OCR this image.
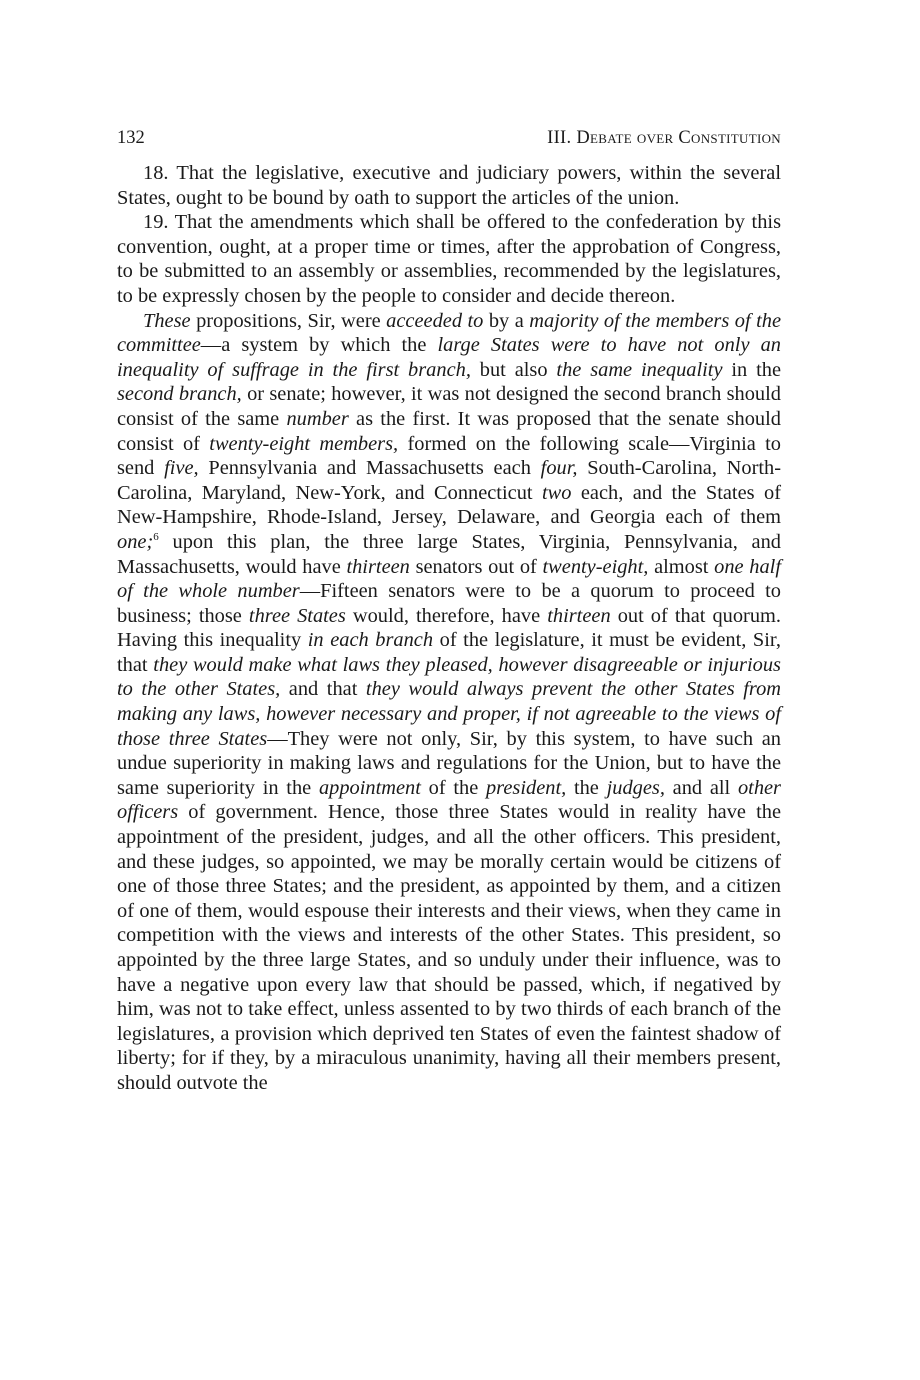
132	III. Debate over Constitution

18. That the legislative, executive and judiciary powers, within the several States, ought to be bound by oath to support the articles of the union.

19. That the amendments which shall be offered to the confederation by this convention, ought, at a proper time or times, after the approbation of Congress, to be submitted to an assembly or assemblies, recommended by the legislatures, to be expressly chosen by the people to consider and decide thereon.

These propositions, Sir, were acceeded to by a majority of the members of the committee—a system by which the large States were to have not only an inequality of suffrage in the first branch, but also the same inequality in the second branch, or senate; however, it was not designed the second branch should consist of the same number as the first. It was proposed that the senate should consist of twenty-eight members, formed on the following scale—Virginia to send five, Pennsylvania and Massachusetts each four, South-Carolina, North-Carolina, Maryland, New-York, and Connecticut two each, and the States of New-Hampshire, Rhode-Island, Jersey, Delaware, and Georgia each of them one;$^6$ upon this plan, the three large States, Virginia, Pennsylvania, and Massachusetts, would have thirteen senators out of twenty-eight, almost one half of the whole number—Fifteen senators were to be a quorum to proceed to business; those three States would, therefore, have thirteen out of that quorum. Having this inequality in each branch of the legislature, it must be evident, Sir, that they would make what laws they pleased, however disagreeable or injurious to the other States, and that they would always prevent the other States from making any laws, however necessary and proper, if not agreeable to the views of those three States—They were not only, Sir, by this system, to have such an undue superiority in making laws and regulations for the Union, but to have the same superiority in the appointment of the president, the judges, and all other officers of government. Hence, those three States would in reality have the appointment of the president, judges, and all the other officers. This president, and these judges, so appointed, we may be morally certain would be citizens of one of those three States; and the president, as appointed by them, and a citizen of one of them, would espouse their interests and their views, when they came in competition with the views and interests of the other States. This president, so appointed by the three large States, and so unduly under their influence, was to have a negative upon every law that should be passed, which, if negatived by him, was not to take effect, unless assented to by two thirds of each branch of the legislatures, a provision which deprived ten States of even the faintest shadow of liberty; for if they, by a miraculous unanimity, having all their members present, should outvote the
